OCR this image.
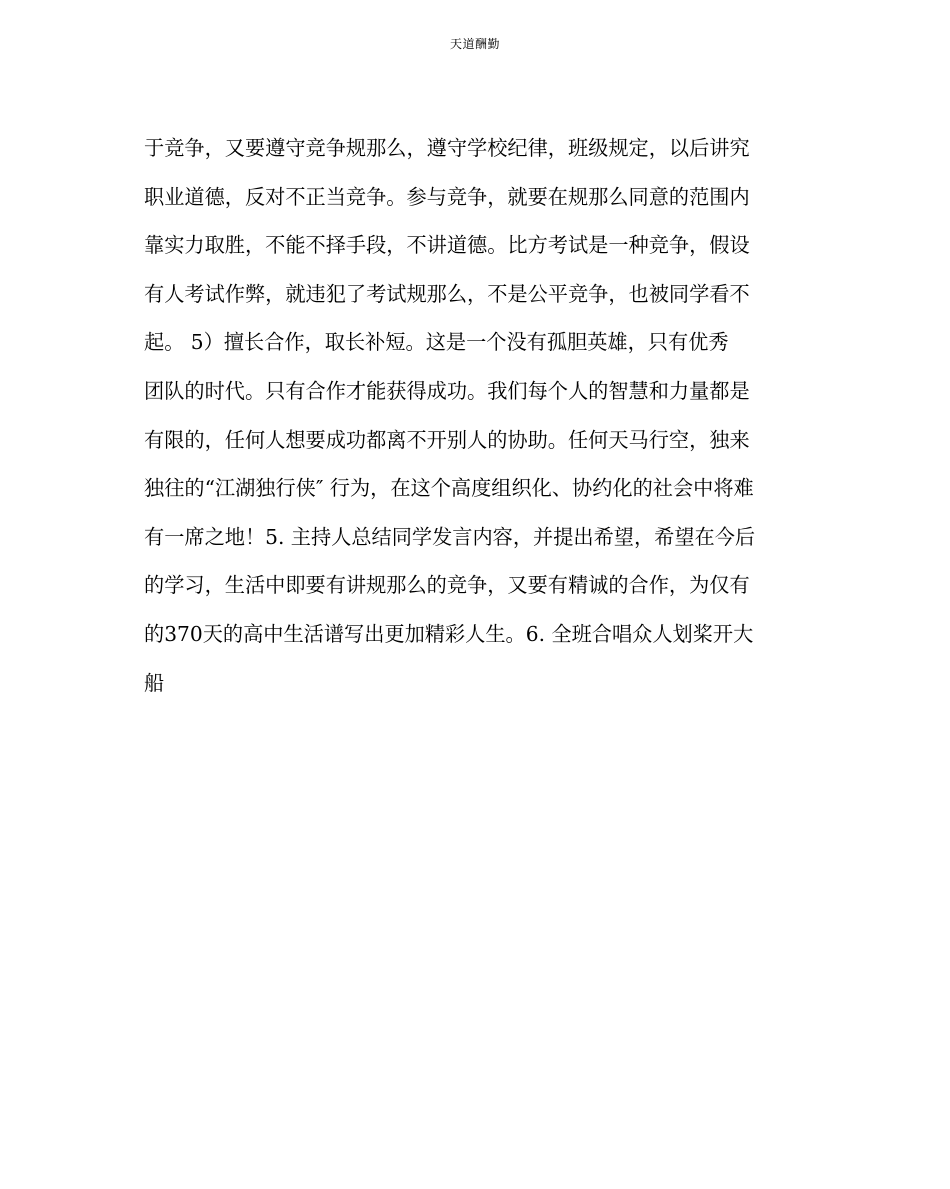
天道酬勤
于竞争，又要遵守竞争规那么，遵守学校纪律，班级规定，以后讲究
职业道德，反对不正当竞争。参与竞争，就要在规那么同意的范围内
靠实力取胜，不能不择手段，不讲道德。比方考试是一种竞争，假设
有人考试作弊，就违犯了考试规那么，不是公平竞争，也被同学看不
起。 5）擅长合作，取长补短。这是一个没有孤胆英雄，只有优秀
团队的时代。只有合作才能获得成功。我们每个人的智慧和力量都是
有限的，任何人想要成功都离不开别人的协助。任何天马行空，独来
独往的“江湖独行侠″ 行为，在这个高度组织化、协约化的社会中将难
有一席之地！5. 主持人总结同学发言内容，并提出希望，希望在今后
的学习，生活中即要有讲规那么的竞争，又要有精诚的合作，为仅有
的370天的高中生活谱写出更加精彩人生。6. 全班合唱众人划桨开大
船
